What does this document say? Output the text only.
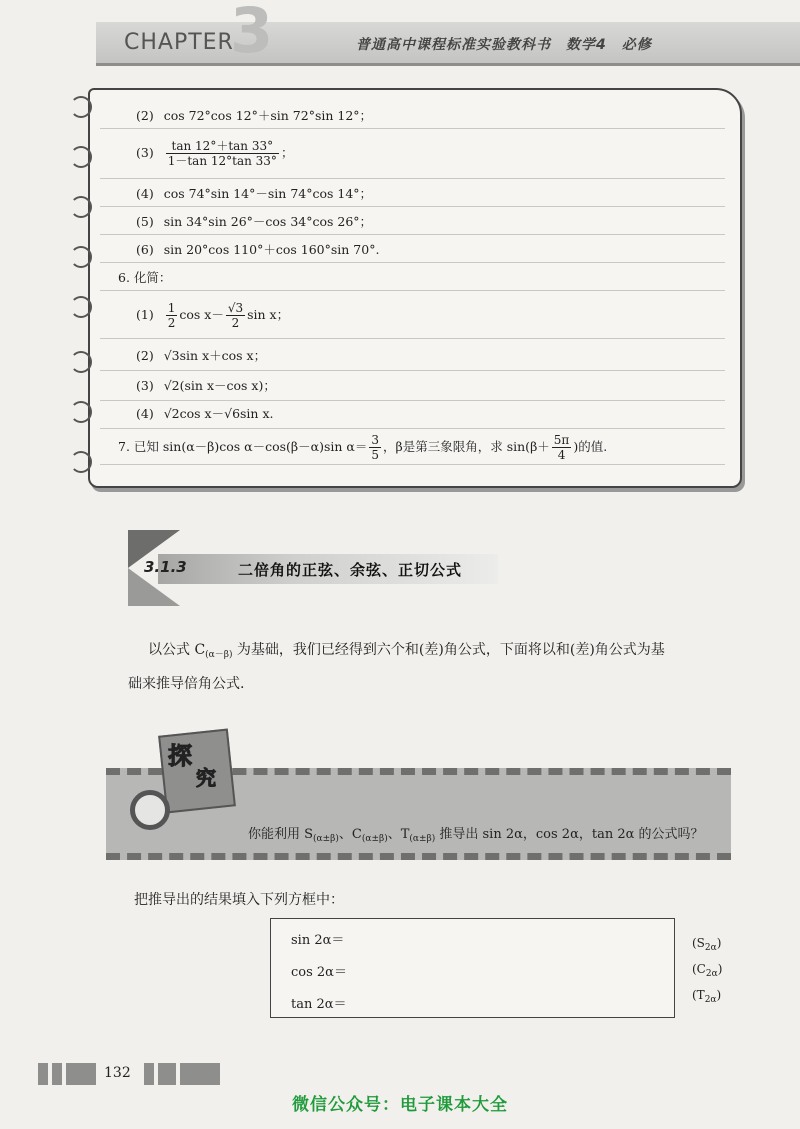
3
CHAPTER	普通高中课程标准实验教科书　数学4　必修
(2) cos 72°cos 12°＋sin 72°sin 12°；
$(3) \frac{\tan 12^\circ+\tan 33^\circ}{1-\tan 12^\circ\tan 33^\circ}$ ；
(4) cos 74°sin 14°－sin 74°cos 14°；
(5) sin 34°sin 26°－cos 34°cos 26°；
(6) sin 20°cos 110°＋cos 160°sin 70°.
6. 化简：
$(1) \frac{1}{2}$ $\cos x- \frac{√3}{2}$ sin x；
(2) √3sin x＋cos x；
(3) √2(sin x－cos x)；
(4) √2cos x－√6sin x.
7. 已知 sin(α－β)cos α－cos(β－α)sin $\alpha= \frac{3}{5}$ ，β是第三象限角，求 $\sin(\beta+ \frac{5\pi}{4}$ )的值.
3.1.3	二倍角的正弦、余弦、正切公式
以公式 $C_{(\alpha-\beta)}$ 为基础，我们已经得到六个和(差)角公式，下面将以和(差)角公式为基
础来推导倍角公式.
你能利用 $S_{(\alpha\pm\beta)}$、$C_{(\alpha\pm\beta)}$、$T_{(\alpha\pm\beta)}$ 推导出 sin 2α，cos 2α，tan 2α 的公式吗？
探
究
把推导出的结果填入下列方框中：
sin 2α＝
cos 2α＝
tan 2α＝
$(S_{2\alpha})$
$(C_{2\alpha})$
$(T_{2\alpha})$
132
微信公众号：电子课本大全
